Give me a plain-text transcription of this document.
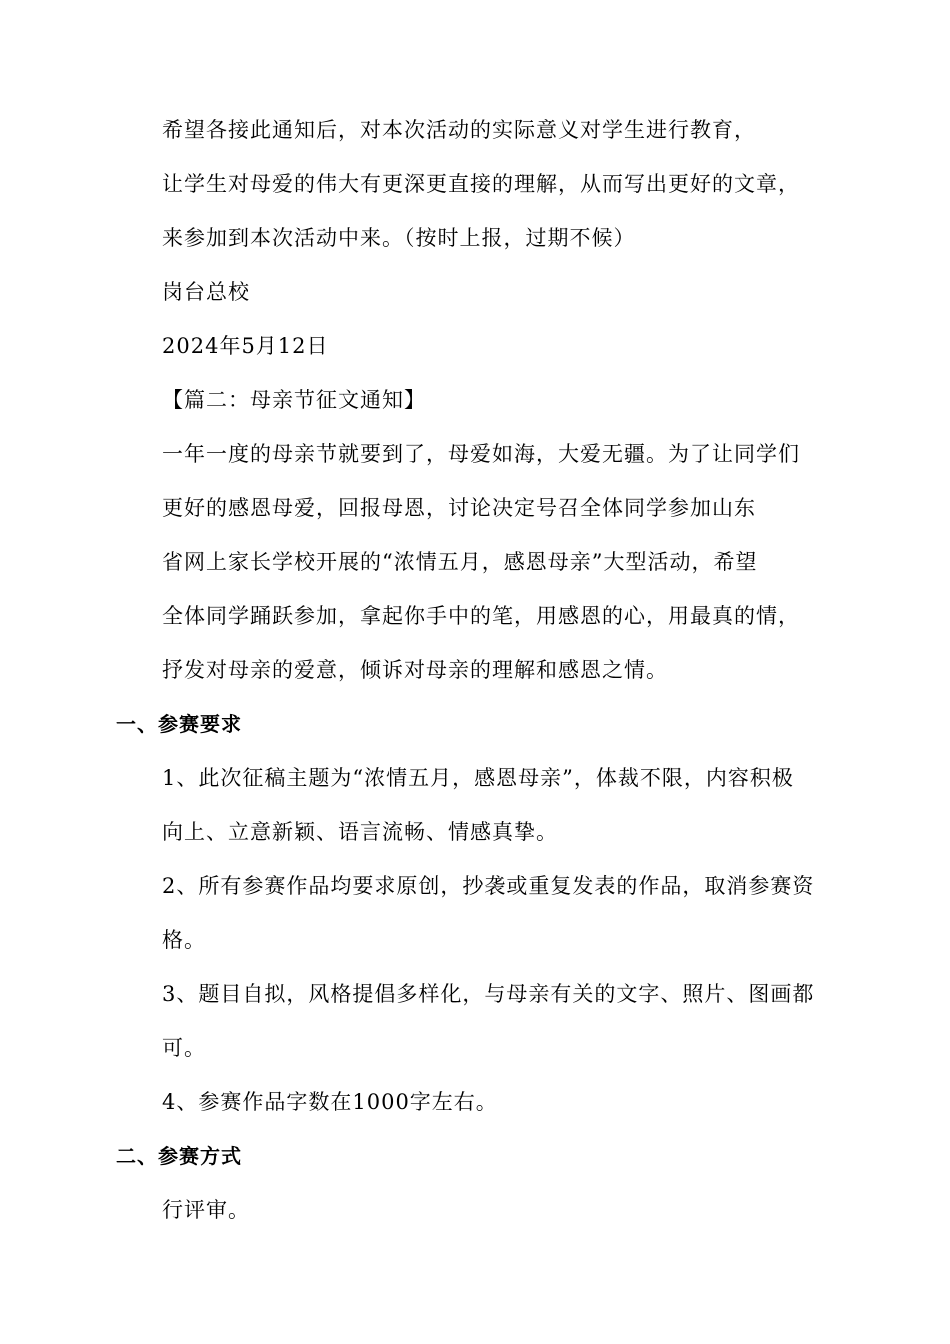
希望各接此通知后，对本次活动的实际意义对学生进行教育，
让学生对母爱的伟大有更深更直接的理解，从而写出更好的文章，
来参加到本次活动中来。（按时上报，过期不候）
岗台总校
2024年5月12日
【篇二：母亲节征文通知】
一年一度的母亲节就要到了，母爱如海，大爱无疆。为了让同学们
更好的感恩母爱，回报母恩，讨论决定号召全体同学参加山东
省网上家长学校开展的“浓情五月，感恩母亲”大型活动，希望
全体同学踊跃参加，拿起你手中的笔，用感恩的心，用最真的情，
抒发对母亲的爱意，倾诉对母亲的理解和感恩之情。
一、参赛要求
1、此次征稿主题为“浓情五月，感恩母亲”，体裁不限，内容积极
向上、立意新颖、语言流畅、情感真挚。
2、所有参赛作品均要求原创，抄袭或重复发表的作品，取消参赛资
格。
3、题目自拟，风格提倡多样化，与母亲有关的文字、照片、图画都
可。
4、参赛作品字数在1000字左右。
二、参赛方式
行评审。
